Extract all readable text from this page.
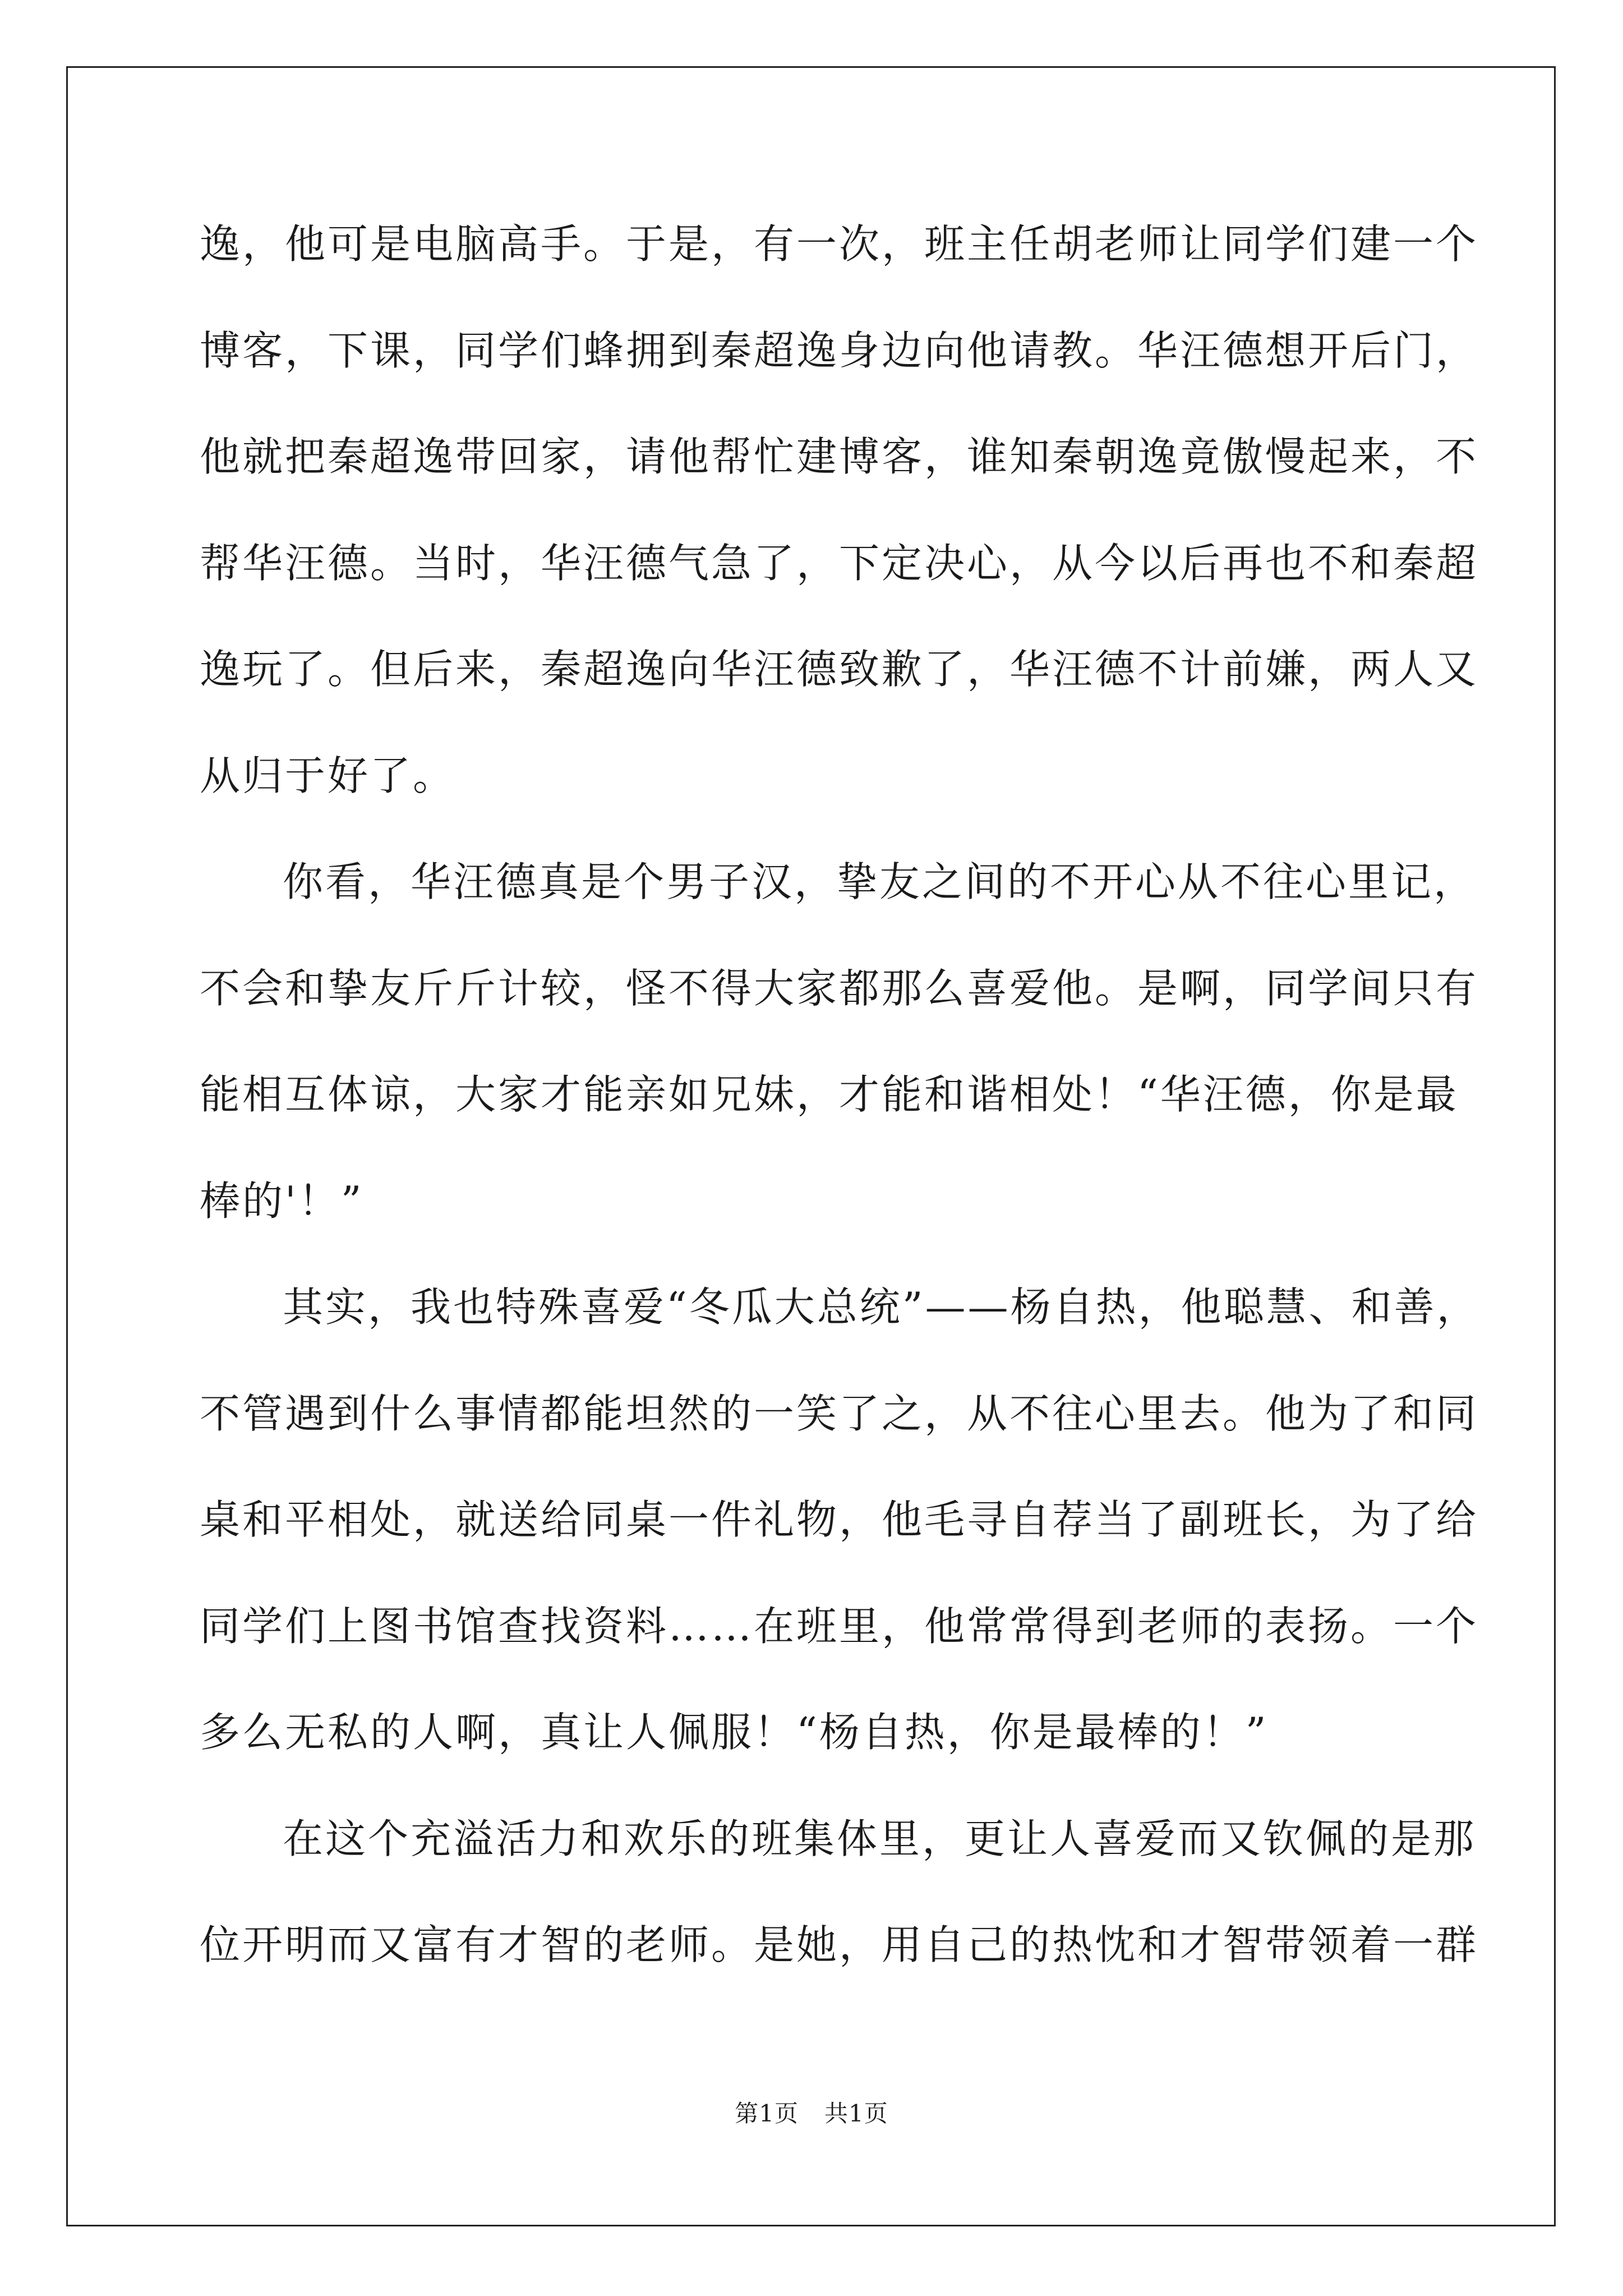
逸，他可是电脑高手。于是，有一次，班主任胡老师让同学们建一个
博客，下课，同学们蜂拥到秦超逸身边向他请教。华汪德想开后门，
他就把秦超逸带回家，请他帮忙建博客，谁知秦朝逸竟傲慢起来，不
帮华汪德。当时，华汪德气急了，下定决心，从今以后再也不和秦超
逸玩了。但后来，秦超逸向华汪德致歉了，华汪德不计前嫌，两人又
从归于好了。
你看，华汪德真是个男子汉，挚友之间的不开心从不往心里记，
不会和挚友斤斤计较，怪不得大家都那么喜爱他。是啊，同学间只有
能相互体谅，大家才能亲如兄妹，才能和谐相处！“华汪德，你是最
棒的'！”
其实，我也特殊喜爱“冬瓜大总统”——杨自热，他聪慧、和善，
不管遇到什么事情都能坦然的一笑了之，从不往心里去。他为了和同
桌和平相处，就送给同桌一件礼物，他毛寻自荐当了副班长，为了给
同学们上图书馆查找资料……在班里，他常常得到老师的表扬。一个
多么无私的人啊，真让人佩服！“杨自热，你是最棒的！”
在这个充溢活力和欢乐的班集体里，更让人喜爱而又钦佩的是那
位开明而又富有才智的老师。是她，用自己的热忱和才智带领着一群
第1页 共1页
